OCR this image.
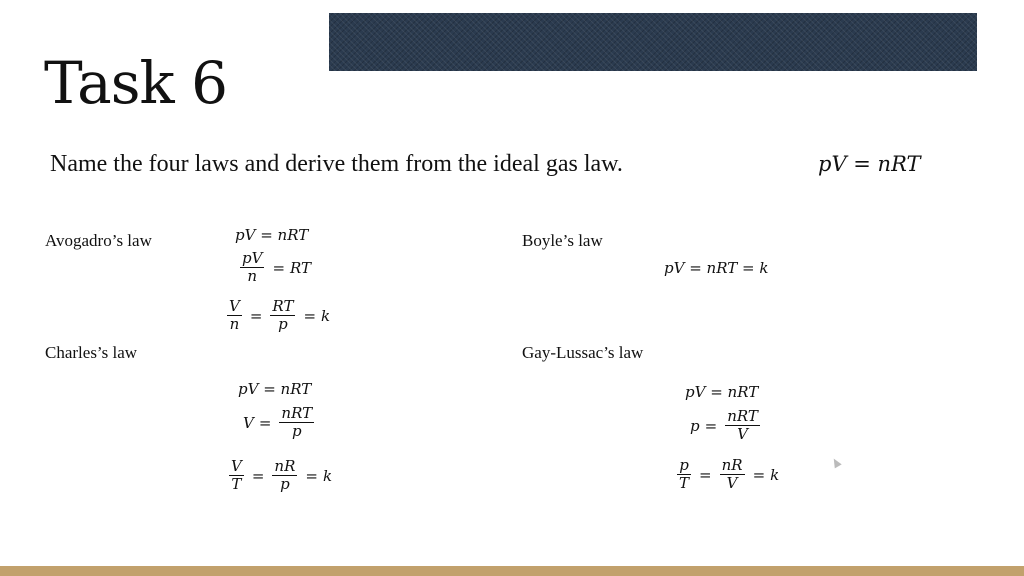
Task 6
Name the four laws and derive them from the ideal gas law.	pV = nRT
Avogadro’s law	pV = nRT
$\frac{pV}{n}$ = RT
$\frac{V}{n} = \frac{RT}{p} = k$
Boyle’s law
pV = nRT = k
Charles’s law
pV = nRT
$V = \frac{\text{nRT}}{p}$
$\frac{V}{T} = \frac{nR}{p} = k$
Gay-Lussac’s law
pV = nRT
$p = \frac{\text{nRT}}{V}$
$\frac{p}{T} = \frac{nR}{V} = k$
